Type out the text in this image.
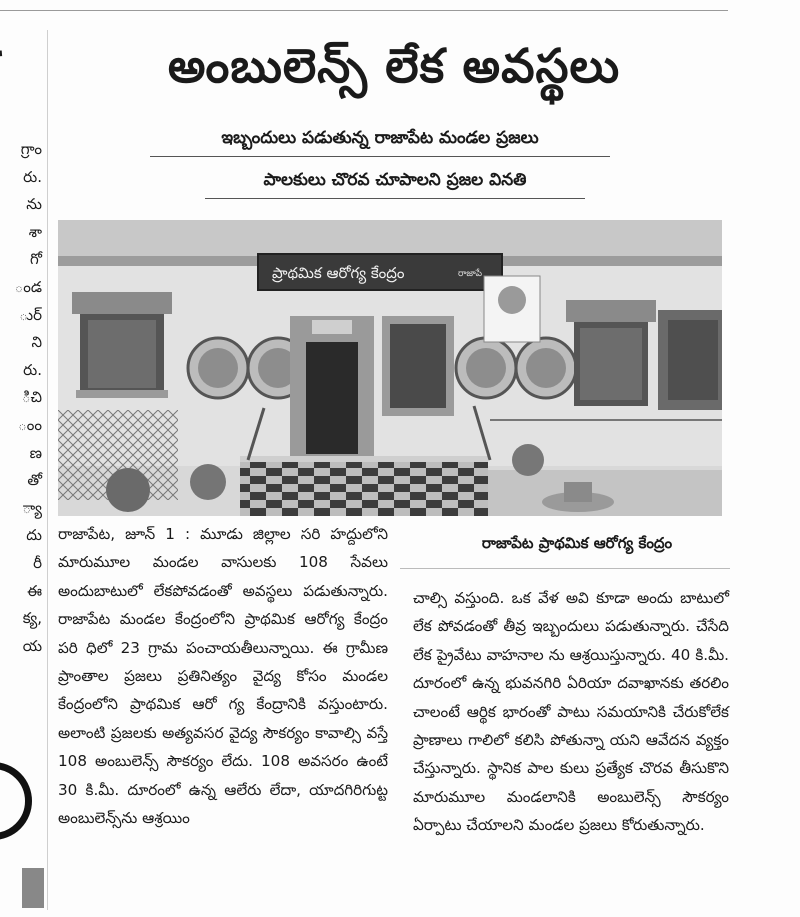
గ్రాం
రు.
ను
శా
గో
ండ
ుర్
ని
రు.
ిచి
ంం
ణ
తో
్యా
దు
రీ
ఈ
క్య,
య
అంబులెన్స్ లేక అవస్థలు
ఇబ్బందులు పడుతున్న రాజాపేట మండల ప్రజలు
పాలకులు చొరవ చూపాలని ప్రజల వినతి
ప్రాథమిక ఆరోగ్య కేంద్రం	రాజాపే
రాజాపేట ప్రాథమిక ఆరోగ్య కేంద్రం
రాజాపేట, జూన్ 1 : మూడు జిల్లాల సరి హద్దులోని మారుమూల మండల వాసులకు 108 సేవలు అందుబాటులో లేకపోవడంతో అవస్థలు పడుతున్నారు. రాజాపేట మండల కేంద్రంలోని ప్రాథమిక ఆరోగ్య కేంద్రం పరి ధిలో 23 గ్రామ పంచాయతీలున్నాయి. ఈ గ్రామీణ ప్రాంతాల ప్రజలు ప్రతినిత్యం వైద్య కోసం మండల కేంద్రంలోని ప్రాథమిక ఆరో గ్య కేంద్రానికి వస్తుంటారు. అలాంటి ప్రజలకు అత్యవసర వైద్య సౌకర్యం కావాల్సి వస్తే 108 అంబులెన్స్ సౌకర్యం లేదు. 108 అవసరం ఉంటే 30 కి.మీ. దూరంలో ఉన్న ఆలేరు లేదా, యాదగిరిగుట్ట అంబులెన్స్‌ను ఆశ్రయిం
చాల్సి వస్తుంది. ఒక వేళ అవి కూడా అందు బాటులో లేక పోవడంతో తీవ్ర ఇబ్బందులు పడుతున్నారు. చేసేది లేక ప్రైవేటు వాహనాల ను ఆశ్రయిస్తున్నారు. 40 కి.మీ. దూరంలో ఉన్న భువనగిరి ఏరియా దవాఖానకు తరలిం చాలంటే ఆర్థిక భారంతో పాటు సమయానికి చేరుకోలేక ప్రాణాలు గాలిలో కలిసి పోతున్నా యని ఆవేదన వ్యక్తం చేస్తున్నారు. స్థానిక పాల కులు ప్రత్యేక చొరవ తీసుకొని మారుమూల మండలానికి అంబులెన్స్ సౌకర్యం ఏర్పాటు చేయాలని మండల ప్రజలు కోరుతున్నారు.
